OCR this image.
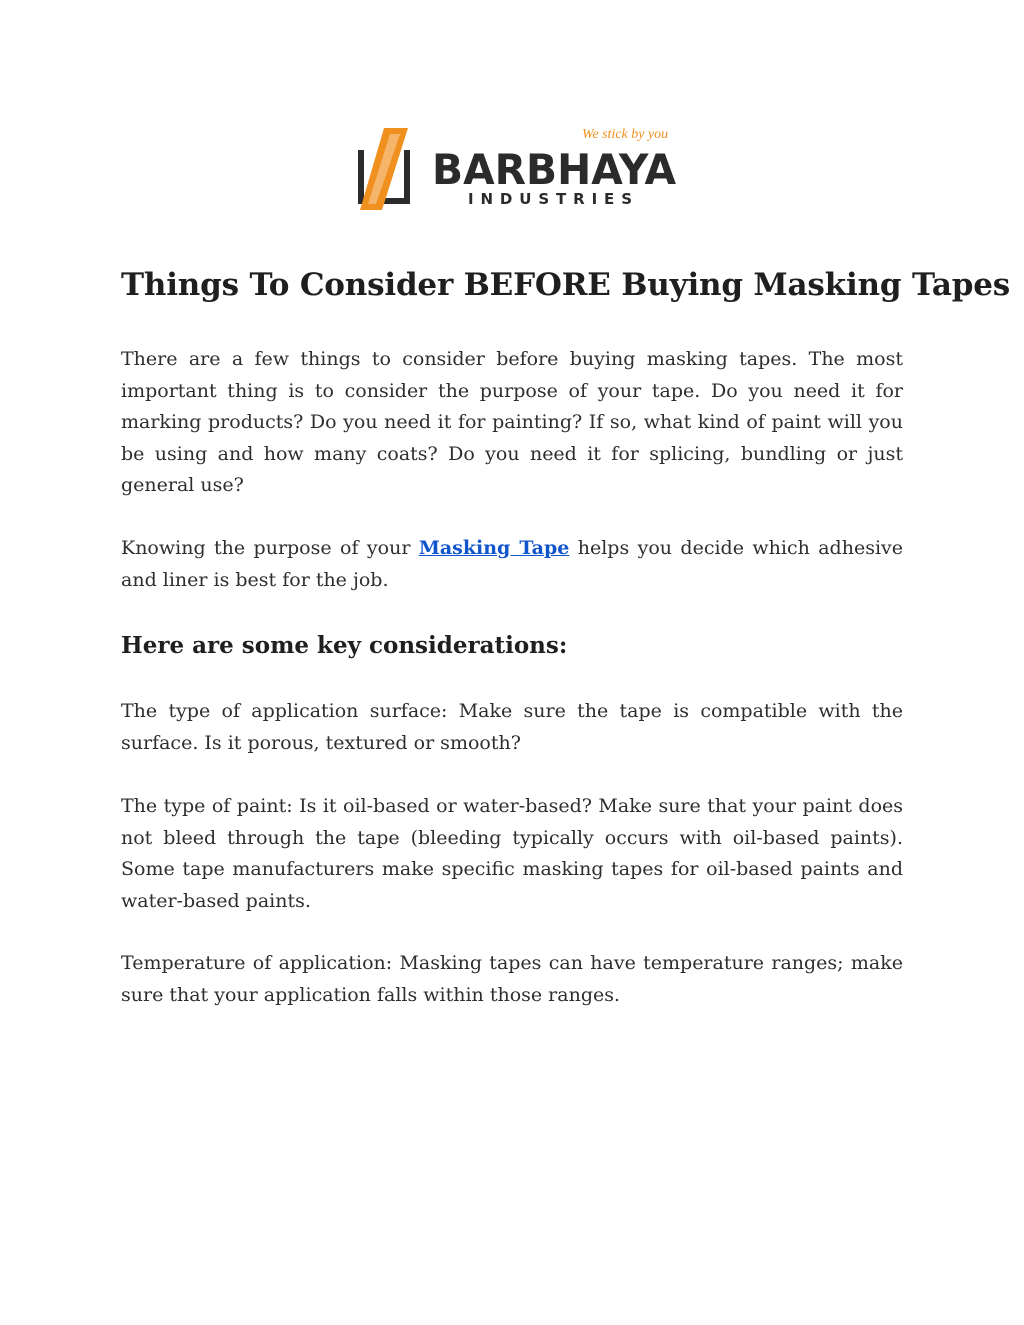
We stick by you
BARBHAYA
INDUSTRIES
Things To Consider BEFORE Buying Masking Tapes

There are a few things to consider before buying masking tapes. The most important thing is to consider the purpose of your tape. Do you need it for marking products? Do you need it for painting? If so, what kind of paint will you be using and how many coats? Do you need it for splicing, bundling or just general use?

Knowing the purpose of your Masking Tape helps you decide which adhesive and liner is best for the job.

Here are some key considerations:

The type of application surface: Make sure the tape is compatible with the surface. Is it porous, textured or smooth?

The type of paint: Is it oil-based or water-based? Make sure that your paint does not bleed through the tape (bleeding typically occurs with oil-based paints). Some tape manufacturers make specific masking tapes for oil-based paints and water-based paints.

Temperature of application: Masking tapes can have temperature ranges; make sure that your application falls within those ranges.
